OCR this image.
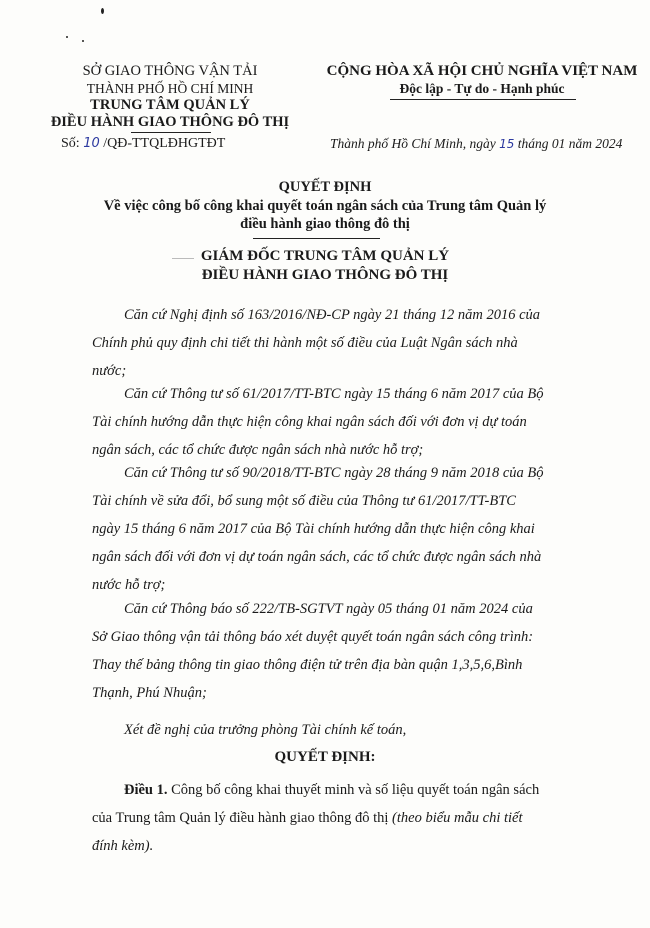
SỞ GIAO THÔNG VẬN TẢI
THÀNH PHỐ HỒ CHÍ MINH
TRUNG TÂM QUẢN LÝ
ĐIỀU HÀNH GIAO THÔNG ĐÔ THỊ
CỘNG HÒA XÃ HỘI CHỦ NGHĨA VIỆT NAM
Độc lập - Tự do - Hạnh phúc
Số: 10 /QĐ-TTQLĐHGTĐT	Thành phố Hồ Chí Minh, ngày 15 tháng 01 năm 2024
QUYẾT ĐỊNH
Về việc công bố công khai quyết toán ngân sách của Trung tâm Quản lý
điều hành giao thông đô thị
GIÁM ĐỐC TRUNG TÂM QUẢN LÝ
ĐIỀU HÀNH GIAO THÔNG ĐÔ THỊ
Căn cứ Nghị định số 163/2016/NĐ-CP ngày 21 tháng 12 năm 2016 của
Chính phủ quy định chi tiết thi hành một số điều của Luật Ngân sách nhà
nước;
Căn cứ Thông tư số 61/2017/TT-BTC ngày 15 tháng 6 năm 2017 của Bộ
Tài chính hướng dẫn thực hiện công khai ngân sách đối với đơn vị dự toán
ngân sách, các tổ chức được ngân sách nhà nước hỗ trợ;
Căn cứ Thông tư số 90/2018/TT-BTC ngày 28 tháng 9 năm 2018 của Bộ
Tài chính về sửa đổi, bổ sung một số điều của Thông tư 61/2017/TT-BTC
ngày 15 tháng 6 năm 2017 của Bộ Tài chính hướng dẫn thực hiện công khai
ngân sách đối với đơn vị dự toán ngân sách, các tổ chức được ngân sách nhà
nước hỗ trợ;
Căn cứ Thông báo số 222/TB-SGTVT ngày 05 tháng 01 năm 2024 của
Sở Giao thông vận tải thông báo xét duyệt quyết toán ngân sách công trình:
Thay thế bảng thông tin giao thông điện tử trên địa bàn quận 1,3,5,6,Bình
Thạnh, Phú Nhuận;
Xét đề nghị của trưởng phòng Tài chính kế toán,
QUYẾT ĐỊNH:
Điều 1. Công bố công khai thuyết minh và số liệu quyết toán ngân sách
của Trung tâm Quản lý điều hành giao thông đô thị (theo biểu mẫu chi tiết
đính kèm).
